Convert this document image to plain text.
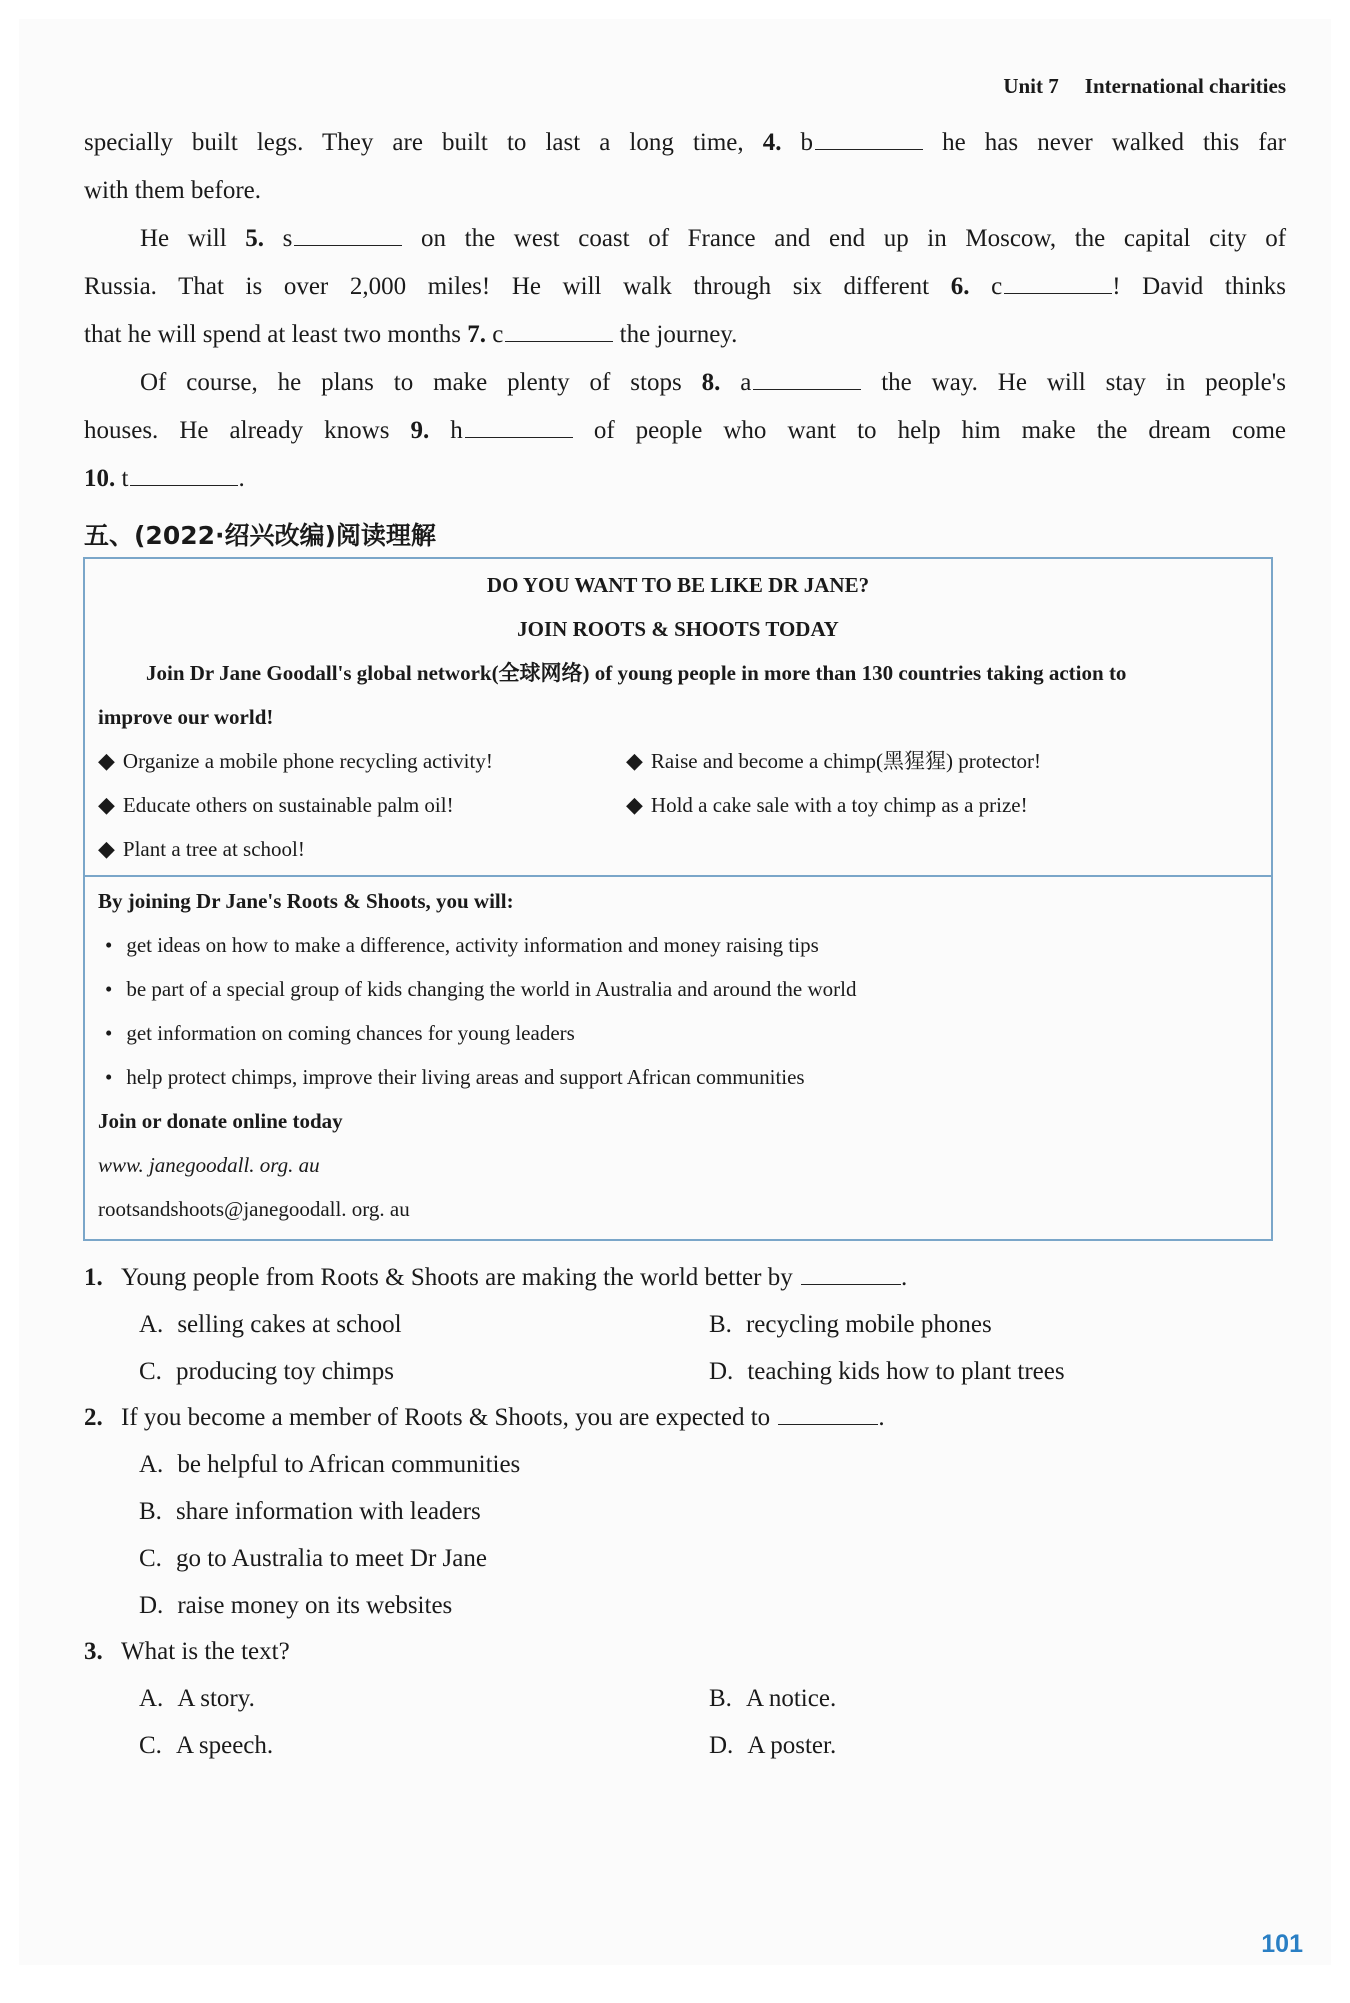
Unit 7 International charities

specially built legs. They are built to last a long time, 4. b	he has never walked this far

with them before.

He will 5. s	on the west coast of France and end up in Moscow, the capital city of

Russia. That is over 2,000 miles! He will walk through six different 6. c	! David thinks

that he will spend at least two months 7. c	the journey.

Of course, he plans to make plenty of stops 8. a	the way. He will stay in people's

houses. He already knows 9. h	of people who want to help him make the dream come

10. t	.

五、(2022·绍兴改编)阅读理解
DO YOU WANT TO BE LIKE DR JANE?
JOIN ROOTS & SHOOTS TODAY
Join Dr Jane Goodall's global network(全球网络) of young people in more than 130 countries taking action to
improve our world!
◆ Organize a mobile phone recycling activity!	◆ Raise and become a chimp(黑猩猩) protector!
◆ Educate others on sustainable palm oil!	◆ Hold a cake sale with a toy chimp as a prize!
◆ Plant a tree at school!
By joining Dr Jane's Roots & Shoots, you will:
• get ideas on how to make a difference, activity information and money raising tips
• be part of a special group of kids changing the world in Australia and around the world
• get information on coming chances for young leaders
• help protect chimps, improve their living areas and support African communities
Join or donate online today
www. janegoodall. org. au
rootsandshoots@janegoodall. org. au
1. Young people from Roots & Shoots are making the world better by	.
A. selling cakes at school	B. recycling mobile phones
C. producing toy chimps	D. teaching kids how to plant trees
2. If you become a member of Roots & Shoots, you are expected to	.
A. be helpful to African communities
B. share information with leaders
C. go to Australia to meet Dr Jane
D. raise money on its websites
3. What is the text?
A. A story.	B. A notice.
C. A speech.	D. A poster.
101
